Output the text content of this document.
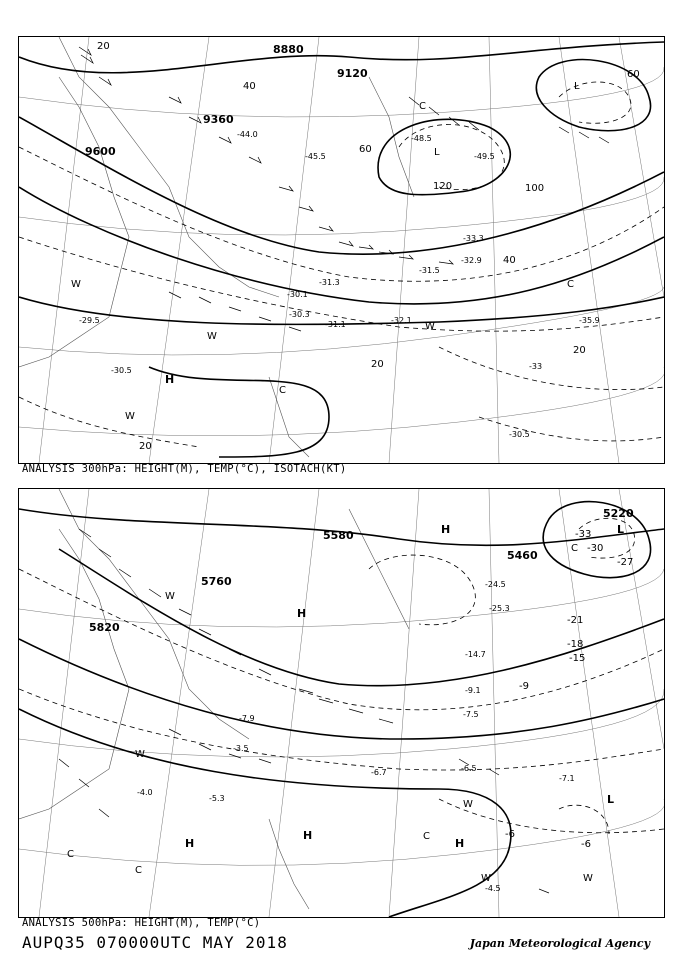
H
L
L
W
W
W
W
C
C
C
8880
9120
9360
9600
20
40
60
100
120
40
20
20
20
60
-44.0
-45.5	-49.5
-48.5
-33.3
-32.9
-31.5
-30.1
-30.5
-35.9
-32.1
-31.1
-33
-29.5
-30.5
-31.3
-30.3
ANALYSIS 300hPa: HEIGHT(M), TEMP(°C), ISOTACH(KT)
H
H
H
H
H
L
L
C
C
C
C
W
W
W
W	W
5580
5760
5820
5460
5220
-33
-30
-27
-21
-18
-15
-9
-6
-6
-7.9
-4.5
-6.5
-7.1
-5.3
-3.5
-6.7
-4.0
-7.5
-9.1
-14.7
-24.5
-25.3
ANALYSIS 500hPa: HEIGHT(M), TEMP(°C)
AUPQ35 070000UTC MAY 2018	Japan Meteorological Agency
